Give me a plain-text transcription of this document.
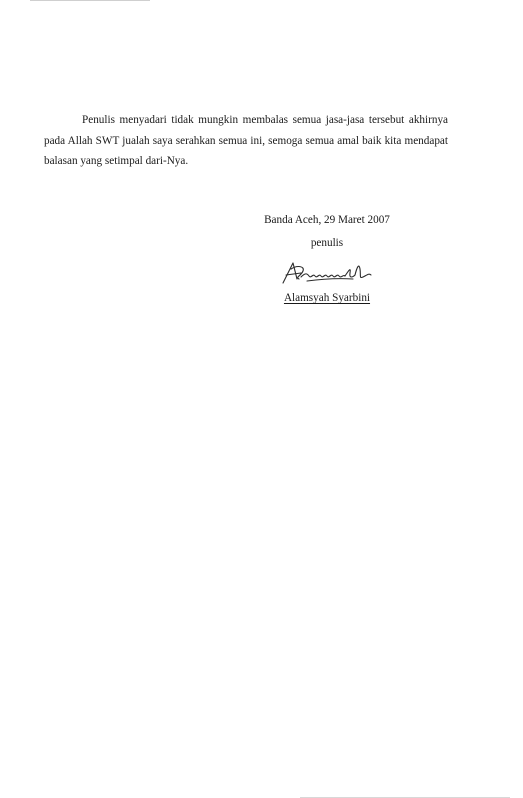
Penulis menyadari tidak mungkin membalas semua jasa-jasa tersebut akhirnya pada Allah SWT jualah saya serahkan semua ini, semoga semua amal baik kita mendapat balasan yang setimpal dari-Nya.

Banda Aceh, 29 Maret 2007
penulis
Alamsyah Syarbini
